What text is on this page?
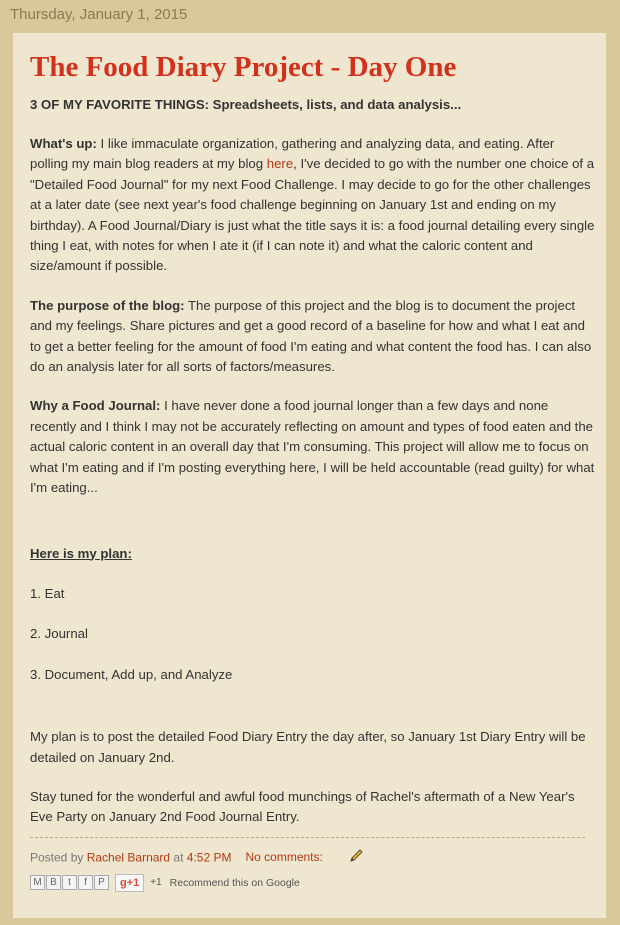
Thursday, January 1, 2015
The Food Diary Project - Day One
3 OF MY FAVORITE THINGS: Spreadsheets, lists, and data analysis...
What's up: I like immaculate organization, gathering and analyzing data, and eating. After polling my main blog readers at my blog here, I've decided to go with the number one choice of a "Detailed Food Journal" for my next Food Challenge. I may decide to go for the other challenges at a later date (see next year's food challenge beginning on January 1st and ending on my birthday). A Food Journal/Diary is just what the title says it is: a food journal detailing every single thing I eat, with notes for when I ate it (if I can note it) and what the caloric content and size/amount if possible.
The purpose of the blog: The purpose of this project and the blog is to document the project and my feelings. Share pictures and get a good record of a baseline for how and what I eat and to get a better feeling for the amount of food I'm eating and what content the food has. I can also do an analysis later for all sorts of factors/measures.
Why a Food Journal: I have never done a food journal longer than a few days and none recently and I think I may not be accurately reflecting on amount and types of food eaten and the actual caloric content in an overall day that I'm consuming. This project will allow me to focus on what I'm eating and if I'm posting everything here, I will be held accountable (read guilty) for what I'm eating...
Here is my plan:
1. Eat
2. Journal
3. Document, Add up, and Analyze
My plan is to post the detailed Food Diary Entry the day after, so January 1st Diary Entry will be detailed on January 2nd.
Stay tuned for the wonderful and awful food munchings of Rachel's aftermath of a New Year's Eve Party on January 2nd Food Journal Entry.
Posted by Rachel Barnard at 4:52 PM No comments:
M B	t	f	P	g+1	+1 Recommend this on Google
